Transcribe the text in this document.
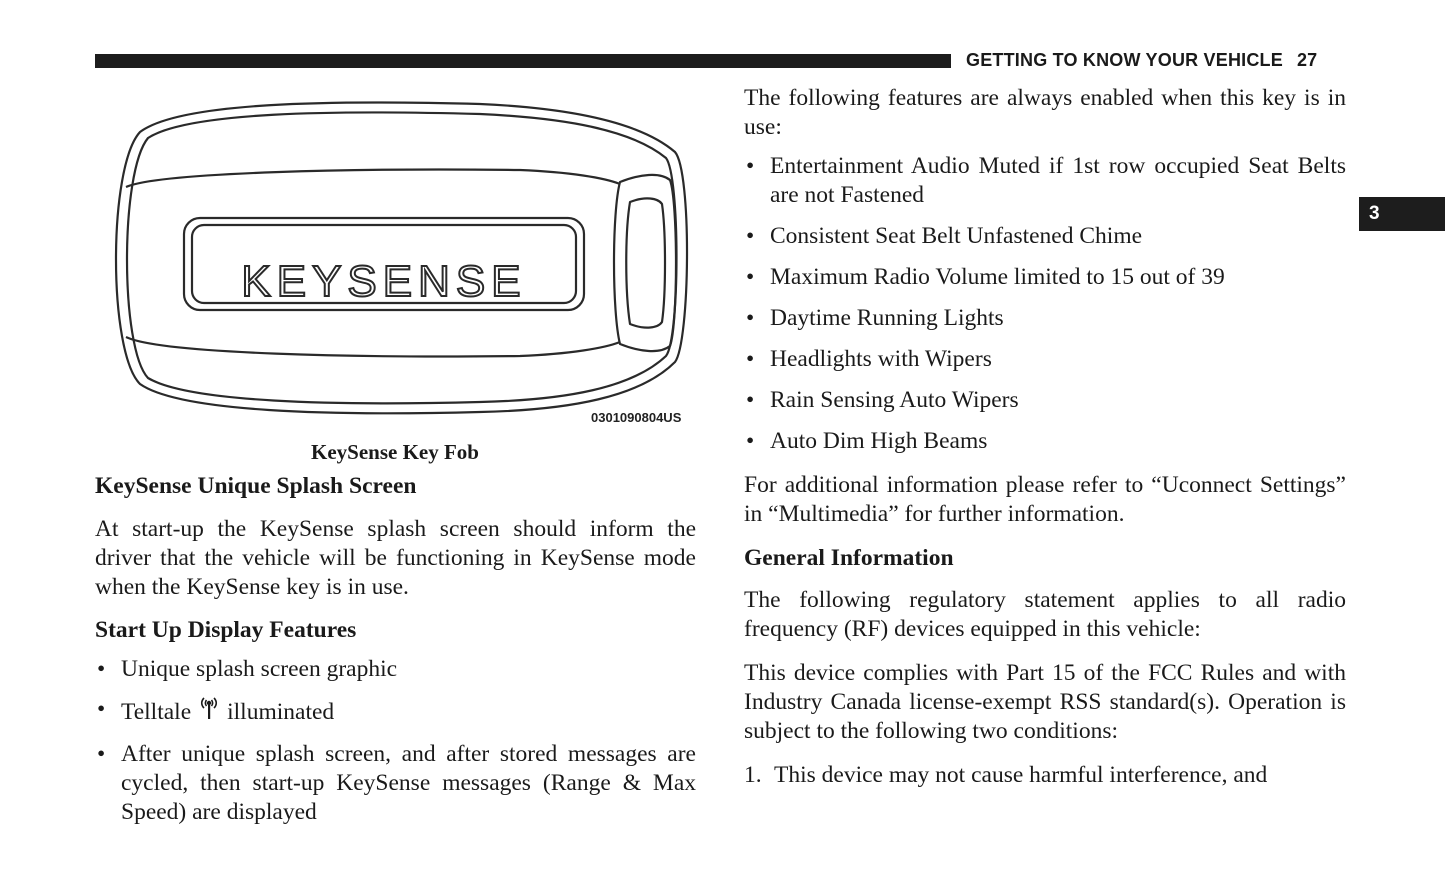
GETTING TO KNOW YOUR VEHICLE 27
3
KEYSENSE
0301090804US
KeySense Key Fob
KeySense Unique Splash Screen

At start-up the KeySense splash screen should inform the driver that the vehicle will be functioning in KeySense mode when the KeySense key is in use.

Start Up Display Features
• Unique splash screen graphic
• Telltale illuminated
• After unique splash screen, and after stored messages are cycled, then start-up KeySense messages (Range & Max Speed) are displayed

The following features are always enabled when this key is in use:

• Entertainment Audio Muted if 1st row occupied Seat Belts are not Fastened
• Consistent Seat Belt Unfastened Chime
• Maximum Radio Volume limited to 15 out of 39
• Daytime Running Lights
• Headlights with Wipers
• Rain Sensing Auto Wipers
• Auto Dim High Beams

For additional information please refer to “Uconnect Settings” in “Multimedia” for further information.

General Information

The following regulatory statement applies to all radio frequency (RF) devices equipped in this vehicle:

This device complies with Part 15 of the FCC Rules and with Industry Canada license-exempt RSS standard(s). Operation is subject to the following two conditions:

1. This device may not cause harmful interference, and
